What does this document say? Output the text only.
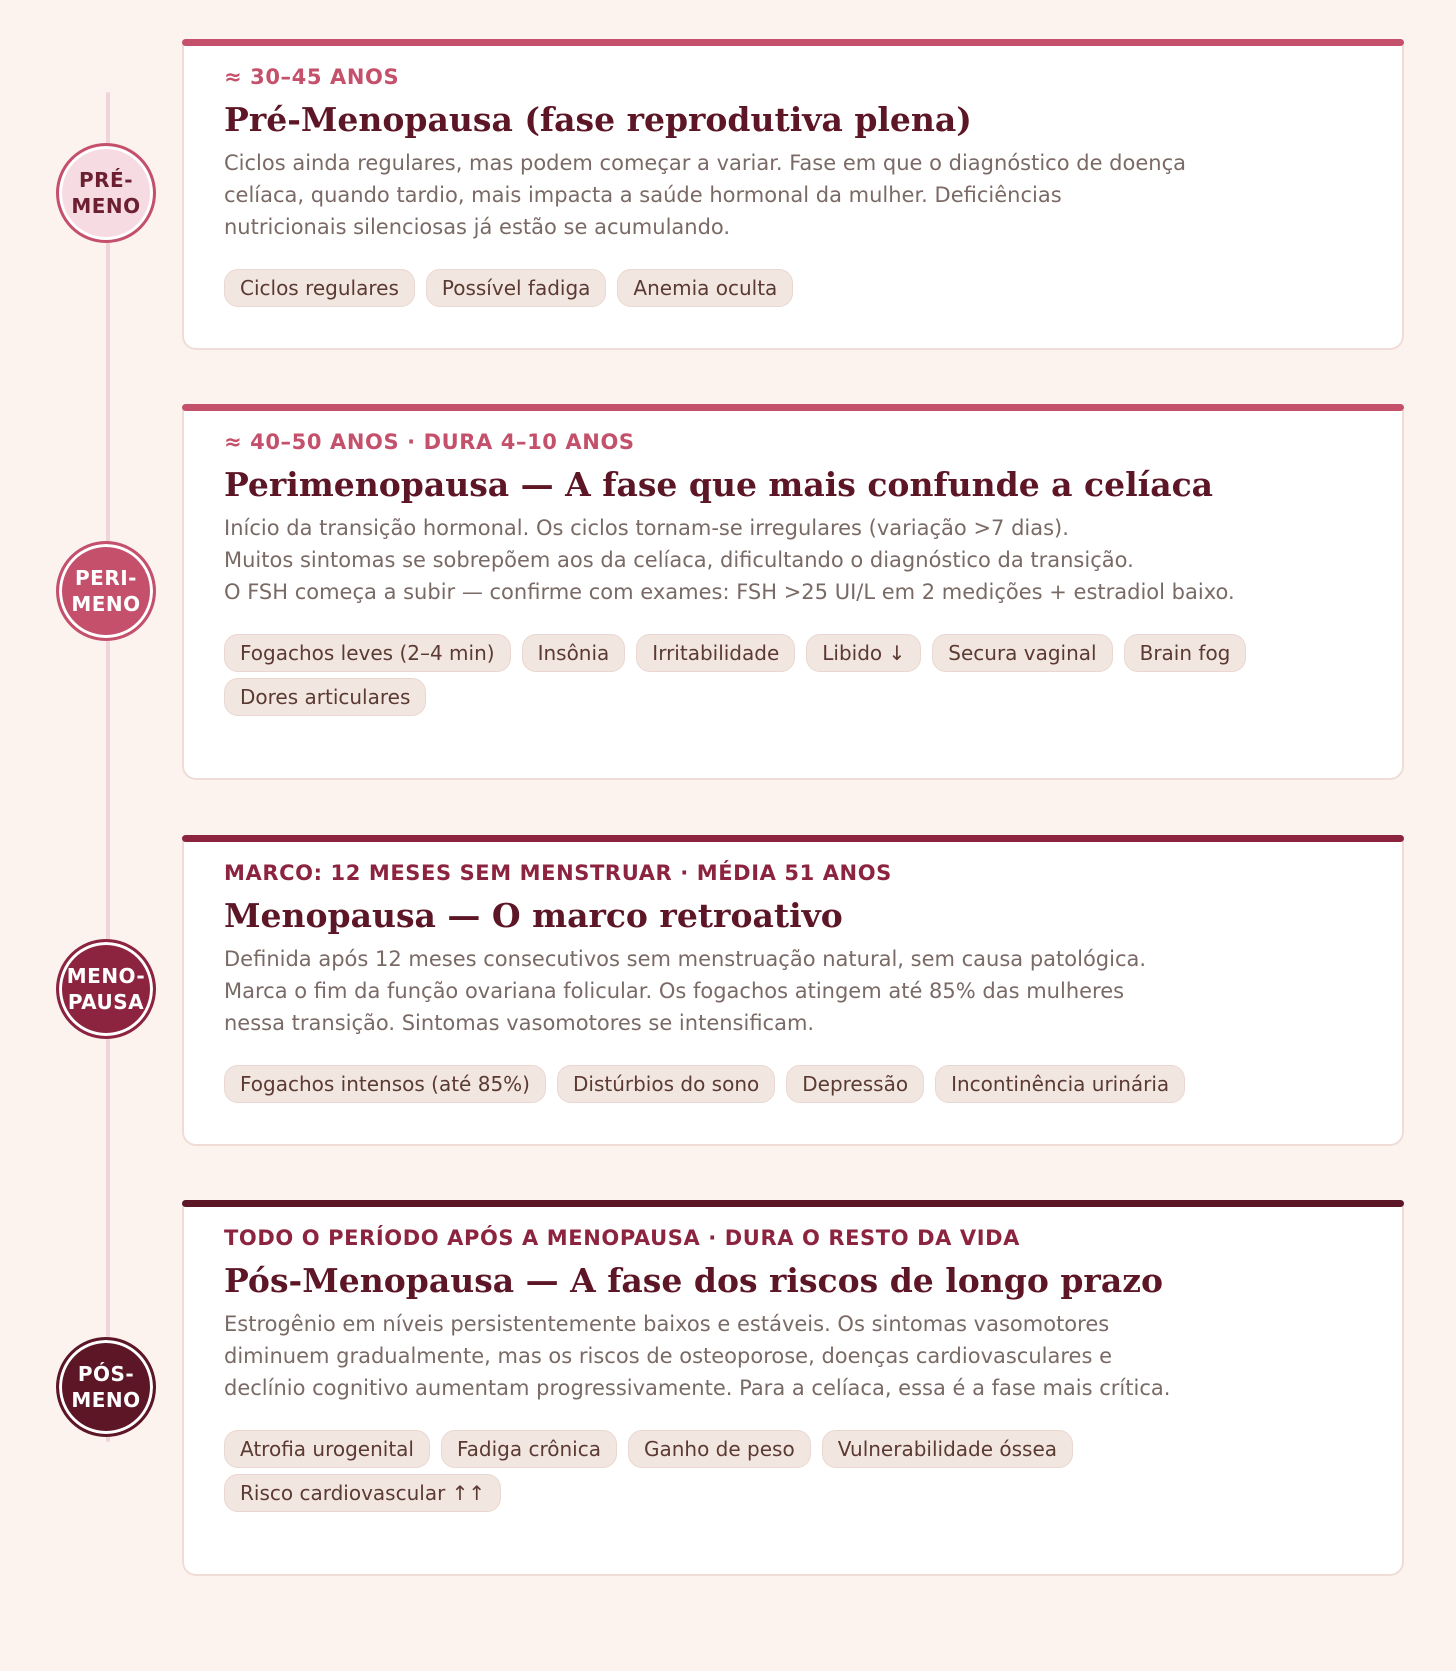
PRÉ-
MENO
≈ 30–45 ANOS
Pré-Menopausa (fase reprodutiva plena)
Ciclos ainda regulares, mas podem começar a variar. Fase em que o diagnóstico de doença
celíaca, quando tardio, mais impacta a saúde hormonal da mulher. Deficiências
nutricionais silenciosas já estão se acumulando.
Ciclos regulares	Possível fadiga	Anemia oculta
PERI-
MENO
≈ 40–50 ANOS · DURA 4–10 ANOS
Perimenopausa — A fase que mais confunde a celíaca
Início da transição hormonal. Os ciclos tornam-se irregulares (variação >7 dias).
Muitos sintomas se sobrepõem aos da celíaca, dificultando o diagnóstico da transição.
O FSH começa a subir — confirme com exames: FSH >25 UI/L em 2 medições + estradiol baixo.
Fogachos leves (2–4 min)	Insônia	Irritabilidade	Libido ↓	Secura vaginal	Brain fog
Dores articulares
MENO-
PAUSA
MARCO: 12 MESES SEM MENSTRUAR · MÉDIA 51 ANOS
Menopausa — O marco retroativo
Definida após 12 meses consecutivos sem menstruação natural, sem causa patológica.
Marca o fim da função ovariana folicular. Os fogachos atingem até 85% das mulheres
nessa transição. Sintomas vasomotores se intensificam.
Fogachos intensos (até 85%)	Distúrbios do sono	Depressão	Incontinência urinária
PÓS-
MENO
TODO O PERÍODO APÓS A MENOPAUSA · DURA O RESTO DA VIDA
Pós-Menopausa — A fase dos riscos de longo prazo
Estrogênio em níveis persistentemente baixos e estáveis. Os sintomas vasomotores
diminuem gradualmente, mas os riscos de osteoporose, doenças cardiovasculares e
declínio cognitivo aumentam progressivamente. Para a celíaca, essa é a fase mais crítica.
Atrofia urogenital	Fadiga crônica	Ganho de peso	Vulnerabilidade óssea
Risco cardiovascular ↑↑
